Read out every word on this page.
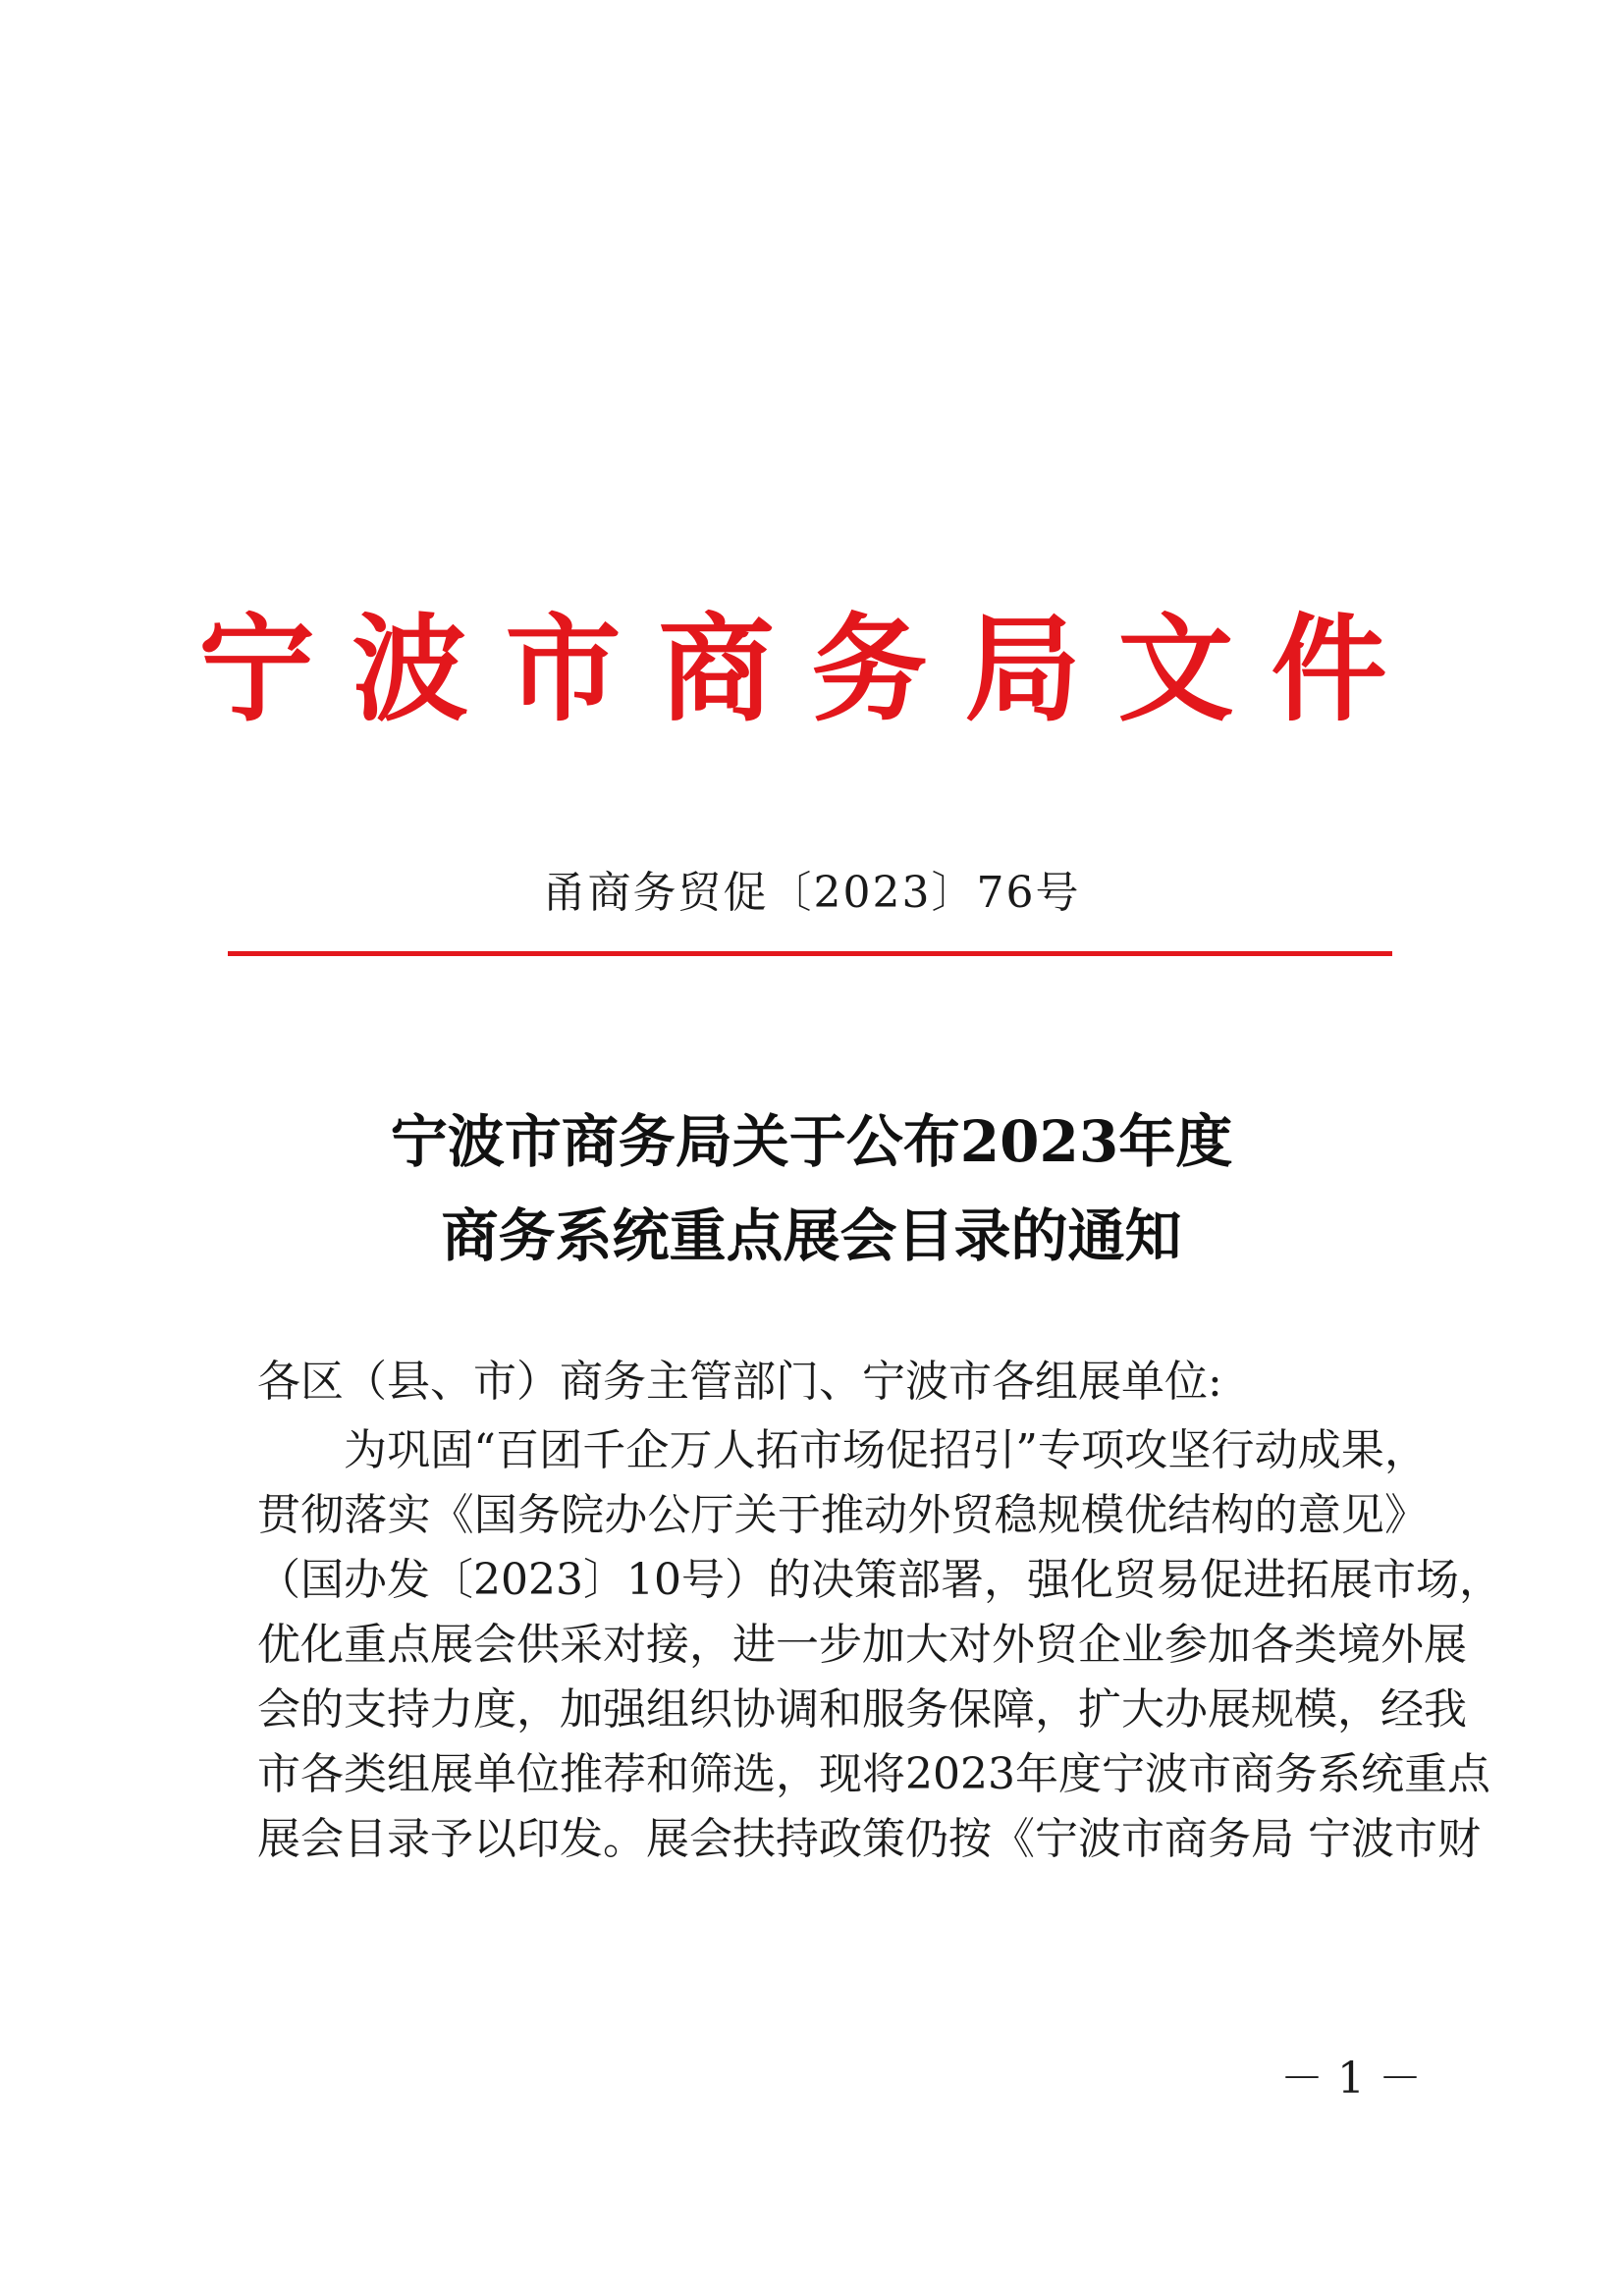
宁波市商务局文件
甬商务贸促〔2023〕76号
宁波市商务局关于公布2023年度
商务系统重点展会目录的通知
各区（县、市）商务主管部门、宁波市各组展单位:
为巩固“百团千企万人拓市场促招引”专项攻坚行动成果，
贯彻落实《国务院办公厅关于推动外贸稳规模优结构的意见》
（国办发〔2023〕10号）的决策部署，强化贸易促进拓展市场，
优化重点展会供采对接，进一步加大对外贸企业参加各类境外展
会的支持力度，加强组织协调和服务保障，扩大办展规模，经我
市各类组展单位推荐和筛选，现将2023年度宁波市商务系统重点
展会目录予以印发。展会扶持政策仍按《宁波市商务局 宁波市财
－ 1 －
